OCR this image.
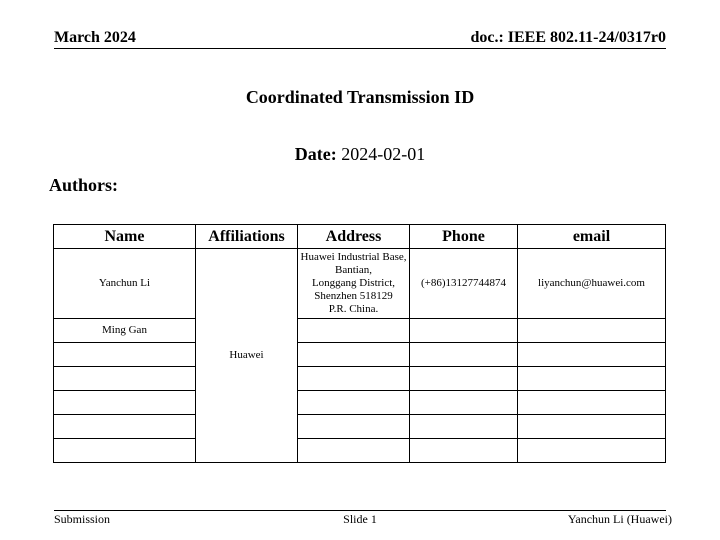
March 2024	doc.: IEEE 802.11-24/0317r0
Coordinated Transmission ID
Date: 2024-02-01
Authors:
Name	Affiliations	Address	Phone	email
Yanchun Li	Huawei	Huawei Industrial Base, Bantian,
Longgang District,
Shenzhen 518129
P.R. China.	(+86)13127744874	liyanchun@huawei.com
Ming Gan				

Submission	Slide 1	Yanchun Li (Huawei)
